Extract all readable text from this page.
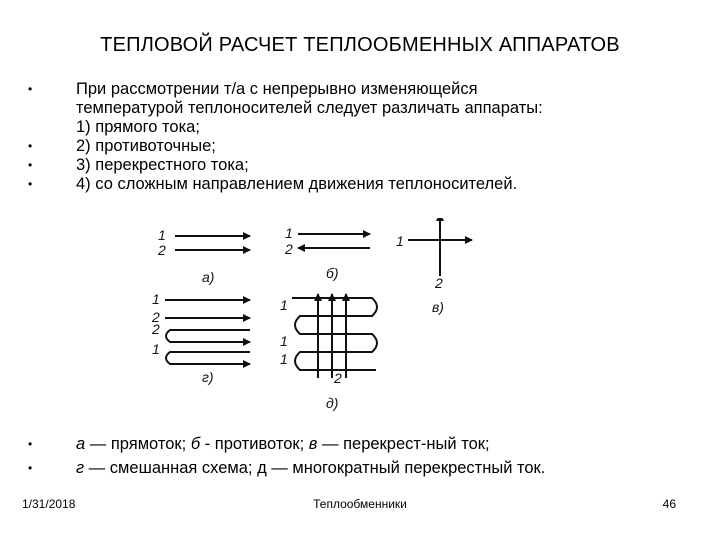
ТЕПЛОВОЙ РАСЧЕТ ТЕПЛООБМЕННЫХ АППАРАТОВ
•	При рассмотрении т/а с непрерывно изменяющейся
температурой теплоносителей следует различать аппараты:
1) прямого тока;
•	2) противоточные;
•	3) перекрестного тока;
•	4) со сложным направлением движения теплоносителей.
1
2
а)
1
2
б)
1
2
в)
1
2
2
1
г)
1
1
1
2
д)
•	а — прямоток; б - противоток; в — перекрест-ный ток;
•	г — смешанная схема; д — многократный перекрестный ток.
1/31/2018	Теплообменники	46
